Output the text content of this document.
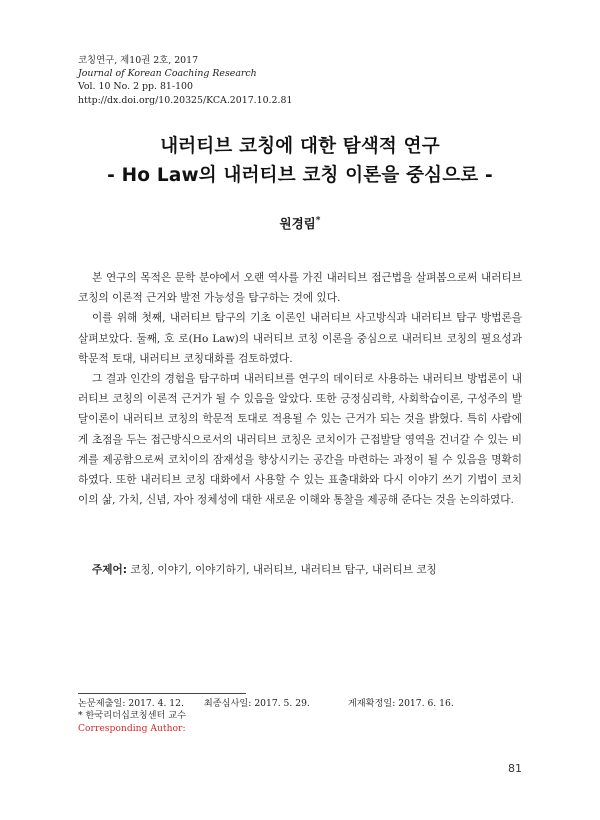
코칭연구, 제10권 2호, 2017
Journal of Korean Coaching Research
Vol. 10 No. 2 pp. 81-100
http://dx.doi.org/10.20325/KCA.2017.10.2.81
내러티브 코칭에 대한 탐색적 연구
- Ho Law의 내러티브 코칭 이론을 중심으로 -
원경림*

본 연구의 목적은 문학 분야에서 오랜 역사를 가진 내러티브 접근법을 살펴봄으로써 내러티브 코칭의 이론적 근거와 발전 가능성을 탐구하는 것에 있다.

이를 위해 첫째, 내러티브 탐구의 기초 이론인 내러티브 사고방식과 내러티브 탐구 방법론을 살펴보았다. 둘째, 호 로(Ho Law)의 내러티브 코칭 이론을 중심으로 내러티브 코칭의 필요성과 학문적 토대, 내러티브 코칭대화를 검토하였다.

그 결과 인간의 경험을 탐구하며 내러티브를 연구의 데이터로 사용하는 내러티브 방법론이 내러티브 코칭의 이론적 근거가 될 수 있음을 알았다. 또한 긍정심리학, 사회학습이론, 구성주의 발달이론이 내러티브 코칭의 학문적 토대로 적용될 수 있는 근거가 되는 것을 밝혔다. 특히 사람에게 초점을 두는 접근방식으로서의 내러티브 코칭은 코치이가 근접발달 영역을 건너갈 수 있는 비계를 제공함으로써 코치이의 잠재성을 향상시키는 공간을 마련하는 과정이 될 수 있음을 명확히 하였다. 또한 내러티브 코칭 대화에서 사용할 수 있는 표출대화와 다시 이야기 쓰기 기법이 코치이의 삶, 가치, 신념, 자아 정체성에 대한 새로운 이해와 통찰을 제공해 준다는 것을 논의하였다.

주제어: 코칭, 이야기, 이야기하기, 내러티브, 내러티브 탐구, 내러티브 코칭
논문제출일: 2017. 4. 12. 최종심사일: 2017. 5. 29.	게재확정일: 2017. 6. 16.
* 한국리더십코칭센터 교수
Corresponding Author:
81
